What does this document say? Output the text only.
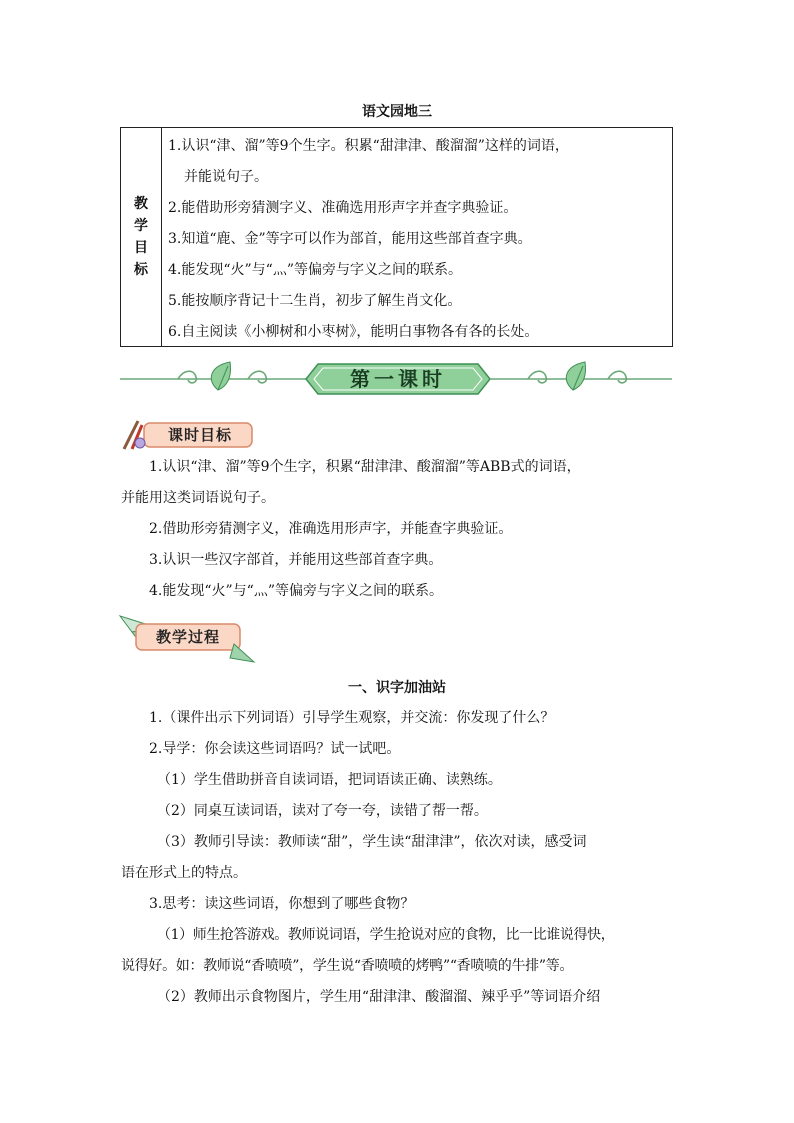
语文园地三
教学目标
1.认识“津、溜”等9个生字。积累“甜津津、酸溜溜”这样的词语，
并能说句子。
2.能借助形旁猜测字义、准确选用形声字并查字典验证。
3.知道“鹿、金”等字可以作为部首，能用这些部首查字典。
4.能发现“火”与“灬”等偏旁与字义之间的联系。
5.能按顺序背记十二生肖，初步了解生肖文化。
6.自主阅读《小柳树和小枣树》，能明白事物各有各的长处。
第一课时
课时目标
1.认识“津、溜”等9个生字，积累“甜津津、酸溜溜”等ABB式的词语，
并能用这类词语说句子。
2.借助形旁猜测字义，准确选用形声字，并能查字典验证。
3.认识一些汉字部首，并能用这些部首查字典。
4.能发现“火”与“灬”等偏旁与字义之间的联系。
教学过程
一、识字加油站
1.（课件出示下列词语）引导学生观察，并交流：你发现了什么？
2.导学：你会读这些词语吗？试一试吧。
（1）学生借助拼音自读词语，把词语读正确、读熟练。
（2）同桌互读词语，读对了夸一夸，读错了帮一帮。
（3）教师引导读：教师读“甜”，学生读“甜津津”，依次对读，感受词
语在形式上的特点。
3.思考：读这些词语，你想到了哪些食物？
（1）师生抢答游戏。教师说词语，学生抢说对应的食物，比一比谁说得快，
说得好。如：教师说“香喷喷”，学生说“香喷喷的烤鸭”“香喷喷的牛排”等。
（2）教师出示食物图片，学生用“甜津津、酸溜溜、辣乎乎”等词语介绍
